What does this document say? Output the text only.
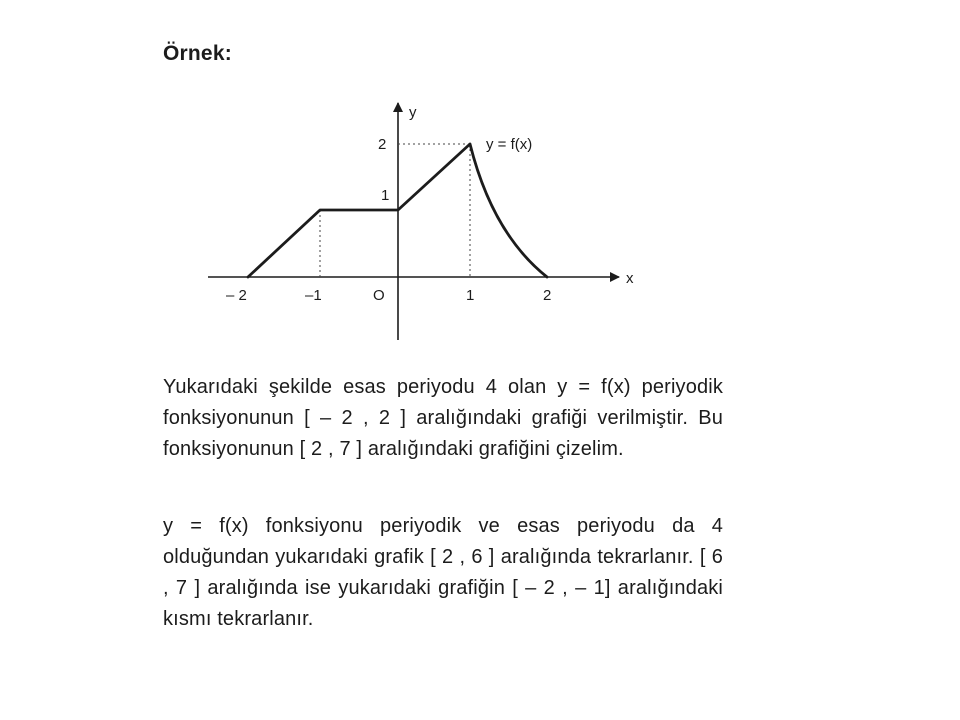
Örnek:
y
x
y = f(x)
2
1
– 2	–1	O	1	2
Yukarıdaki şekilde esas periyodu 4 olan y = f(x) periyodik fonksiyonunun [ – 2 , 2 ] aralığındaki grafiği verilmiştir. Bu fonksiyonunun [ 2 , 7 ] aralığındaki grafiğini çizelim.
y = f(x) fonksiyonu periyodik ve esas periyodu da 4 olduğundan yukarıdaki grafik [ 2 , 6 ] aralığında tekrarlanır. [ 6 , 7 ] aralığında ise yukarıdaki grafiğin [ – 2 , – 1] aralığındaki kısmı tekrarlanır.
